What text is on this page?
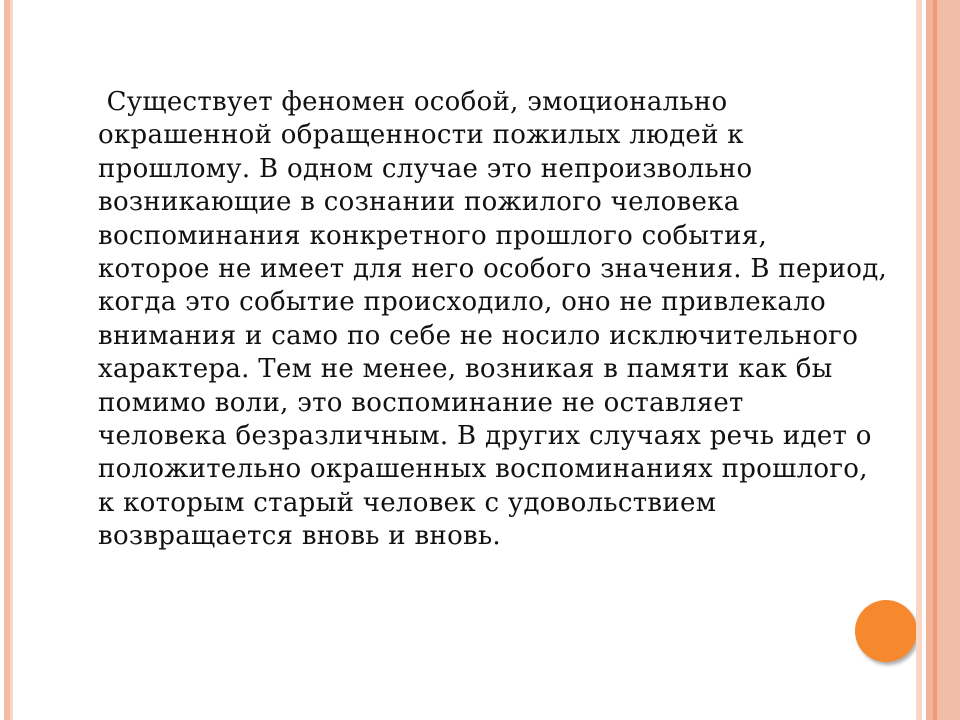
Существует феномен особой, эмоционально
окрашенной обращенности пожилых людей к
прошлому. В одном случае это непроизвольно
возникающие в сознании пожилого человека
воспоминания конкретного прошлого события,
которое не имеет для него особого значения. В период,
когда это событие происходило, оно не привлекало
внимания и само по себе не носило исключительного
характера. Тем не менее, возникая в памяти как бы
помимо воли, это воспоминание не оставляет
человека безразличным. В других случаях речь идет о
положительно окрашенных воспоминаниях прошлого,
к которым старый человек с удовольствием
возвращается вновь и вновь.
